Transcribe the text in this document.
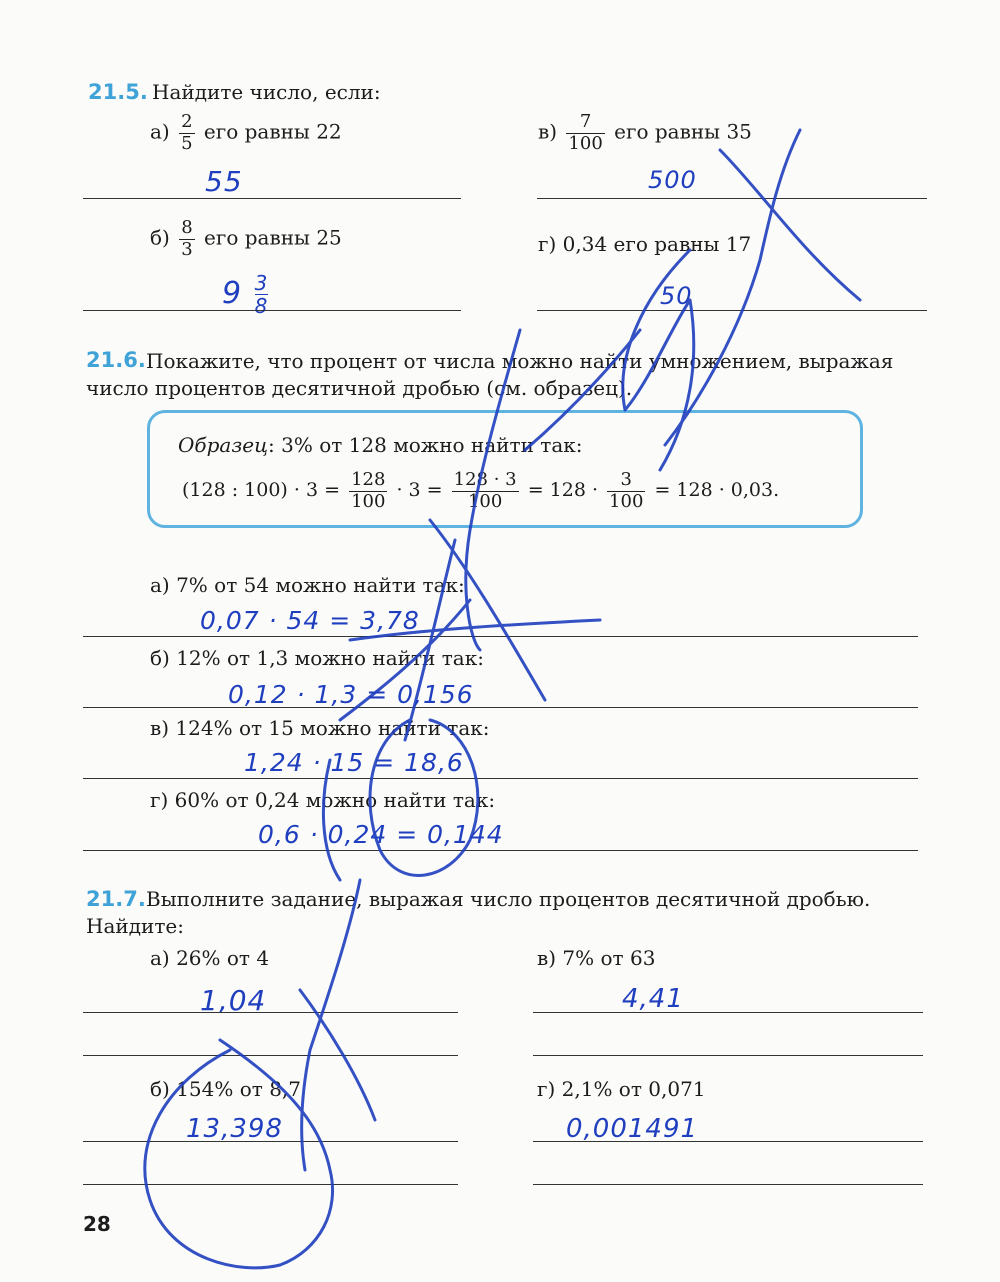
21.5. Найдите число, если:
$а) \frac{2}{5}$ его равны 22	$в) \frac{7}{100}$ его равны 35
55	500
$б) \frac{8}{3}$ его равны 25	г) 0,34 его равны 17
$9 \frac{3}{8}$	50
21.6. Покажите, что процент от числа можно найти умножением, выражая число процентов десятичной дробью (см. образец).
Образец: 3% от 128 можно найти так:
(128 : $100) \cdot 3 = \frac{128}{100} \cdot 3 = \frac{128 \cdot 3}{100} = 128 \cdot \frac{3}{100} = 128 \cdot 0,03$.
а) 7% от 54 можно найти так:
0,07 · 54 = 3,78
б) 12% от 1,3 можно найти так:
0,12 · 1,3 = 0,156
в) 124% от 15 можно найти так:
1,24 · 15 = 18,6
г) 60% от 0,24 можно найти так:
0,6 · 0,24 = 0,144
21.7. Выполните задание, выражая число процентов десятичной дробью.
Найдите:
а) 26% от 4	в) 7% от 63
1,04	4,41
б) 154% от 8,7	г) 2,1% от 0,071
13,398	0,001491
28
